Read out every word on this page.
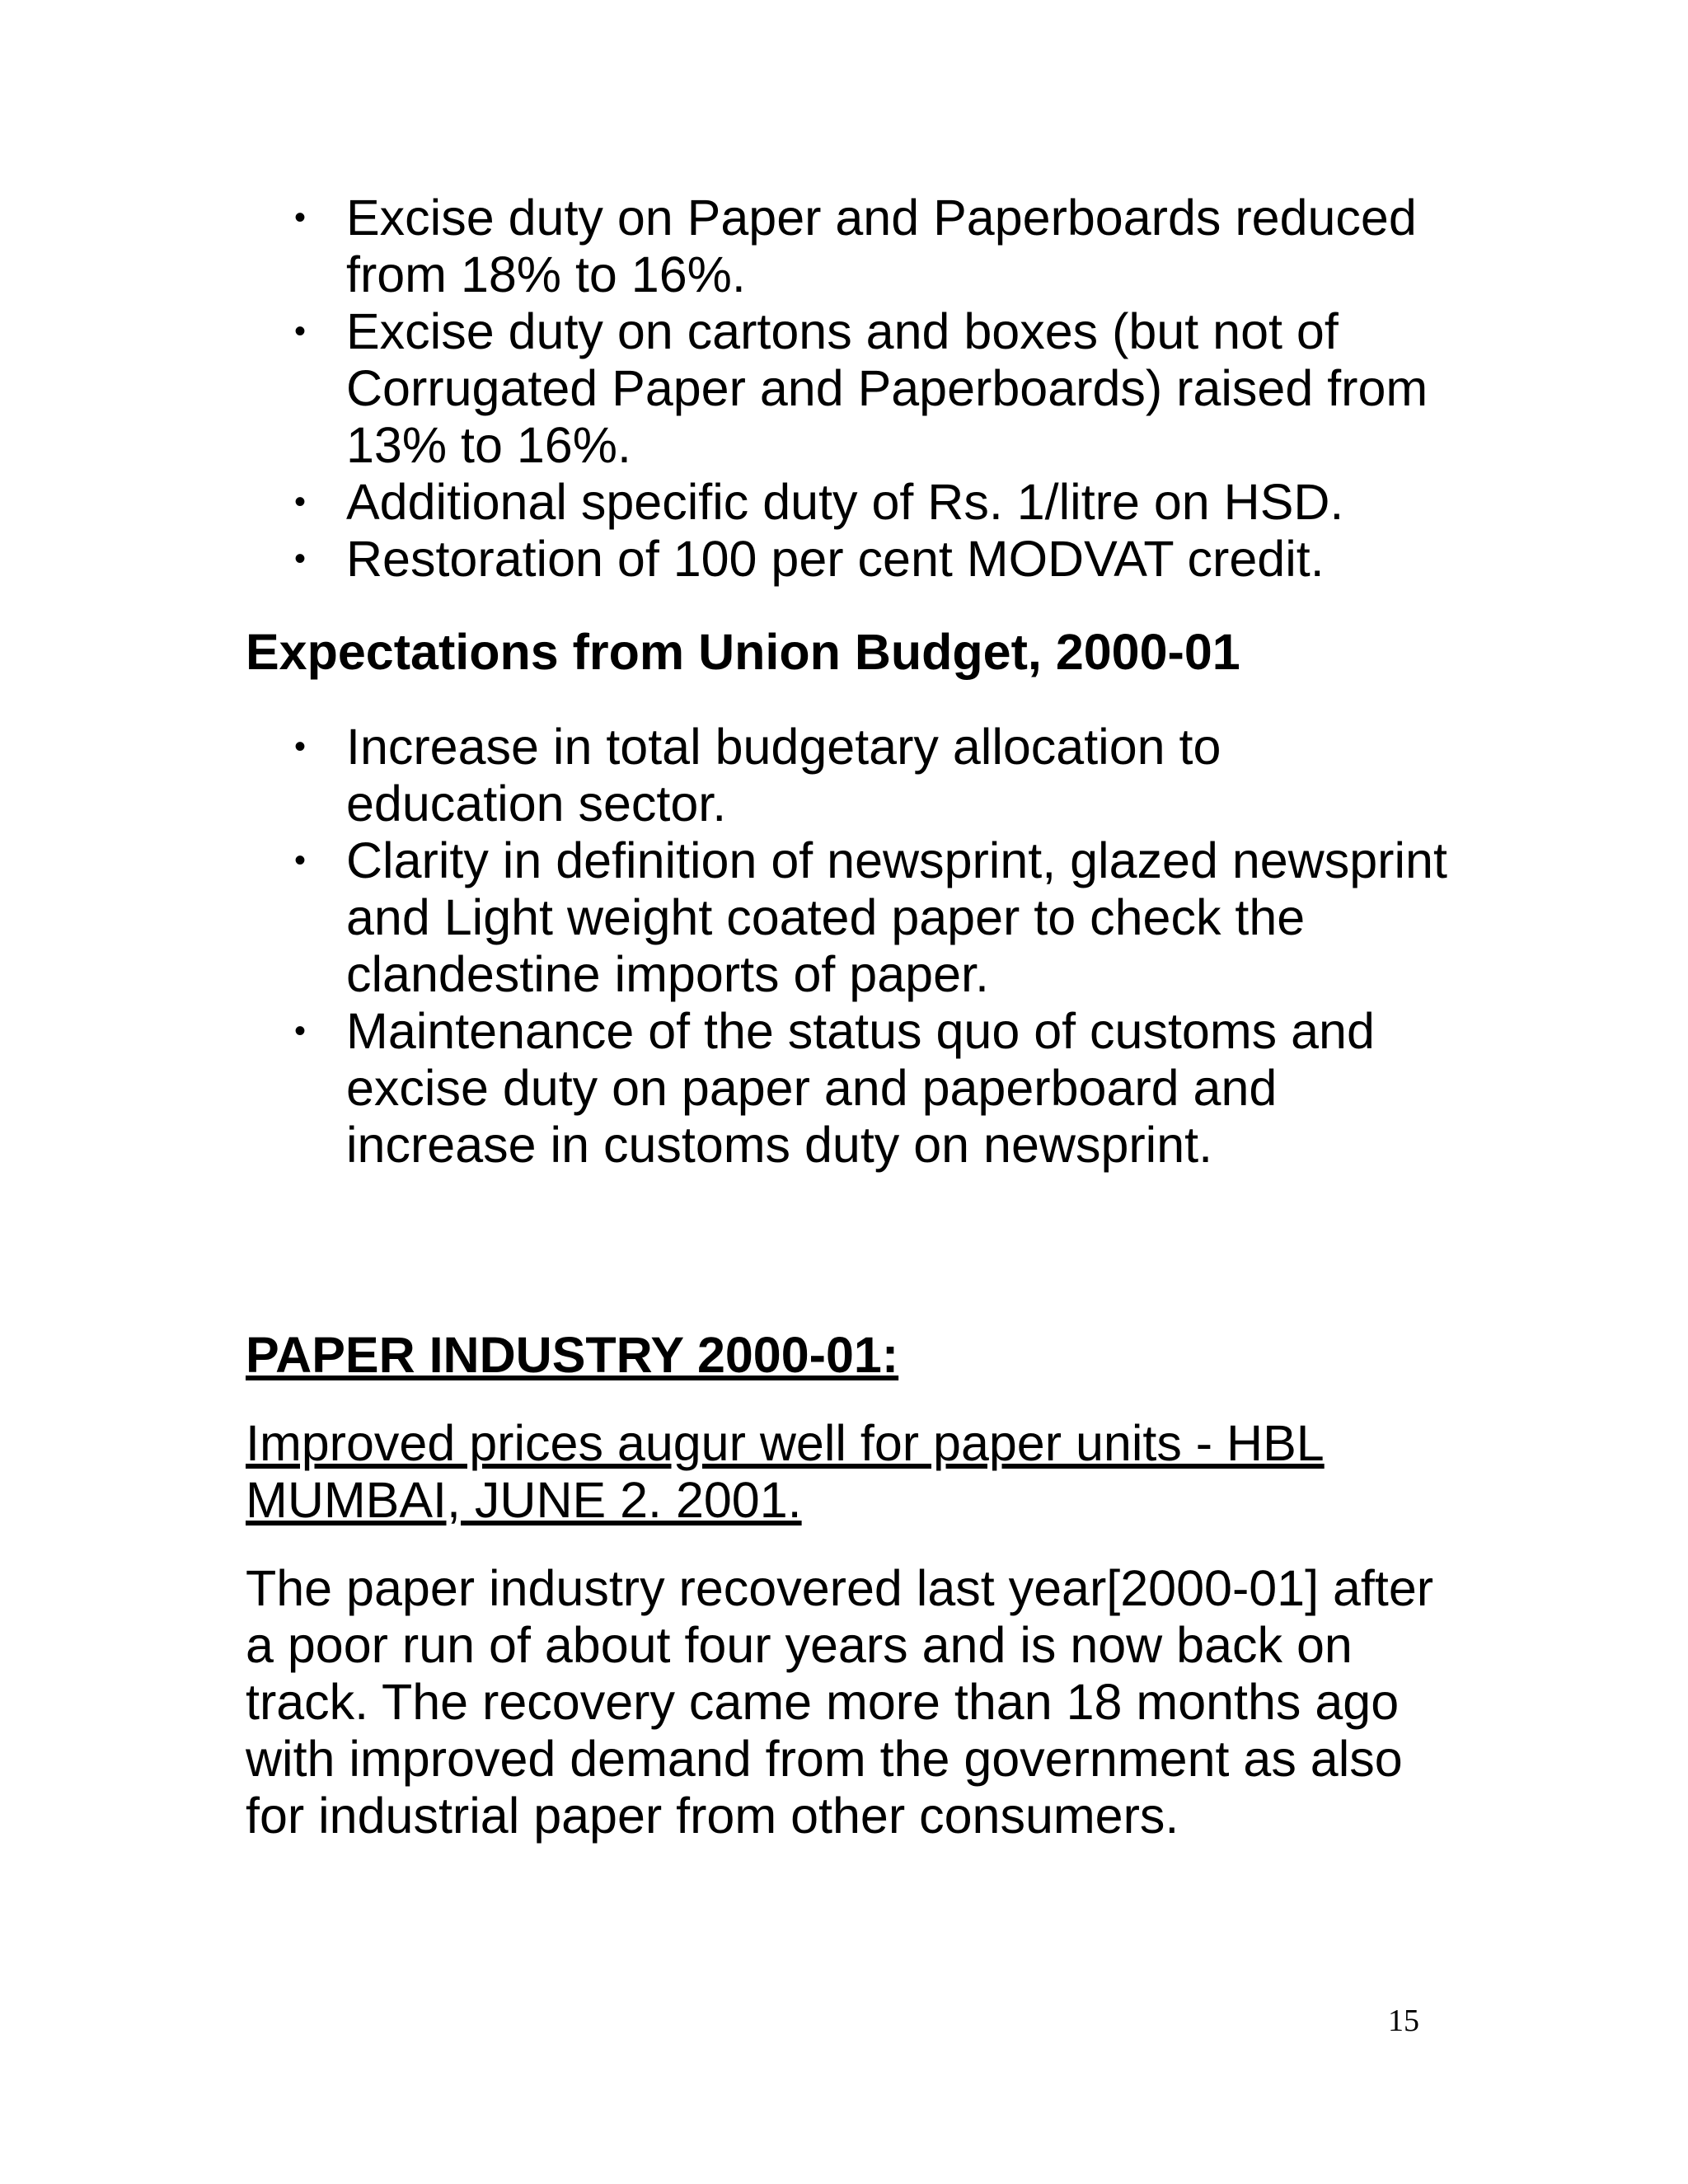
• Excise duty on Paper and Paperboards reduced from 18% to 16%.
• Excise duty on cartons and boxes (but not of Corrugated Paper and Paperboards) raised from 13% to 16%.
• Additional specific duty of Rs. 1/litre on HSD.
• Restoration of 100 per cent MODVAT credit.
Expectations from Union Budget, 2000-01
• Increase in total budgetary allocation to education sector.
• Clarity in definition of newsprint, glazed newsprint and Light weight coated paper to check the clandestine imports of paper.
• Maintenance of the status quo of customs and excise duty on paper and paperboard and increase in customs duty on newsprint.
PAPER INDUSTRY 2000-01:
Improved prices augur well for paper units - HBL
MUMBAI, JUNE 2. 2001.

The paper industry recovered last year[2000-01] after a poor run of about four years and is now back on track. The recovery came more than 18 months ago with improved demand from the government as also for industrial paper from other consumers.

15
